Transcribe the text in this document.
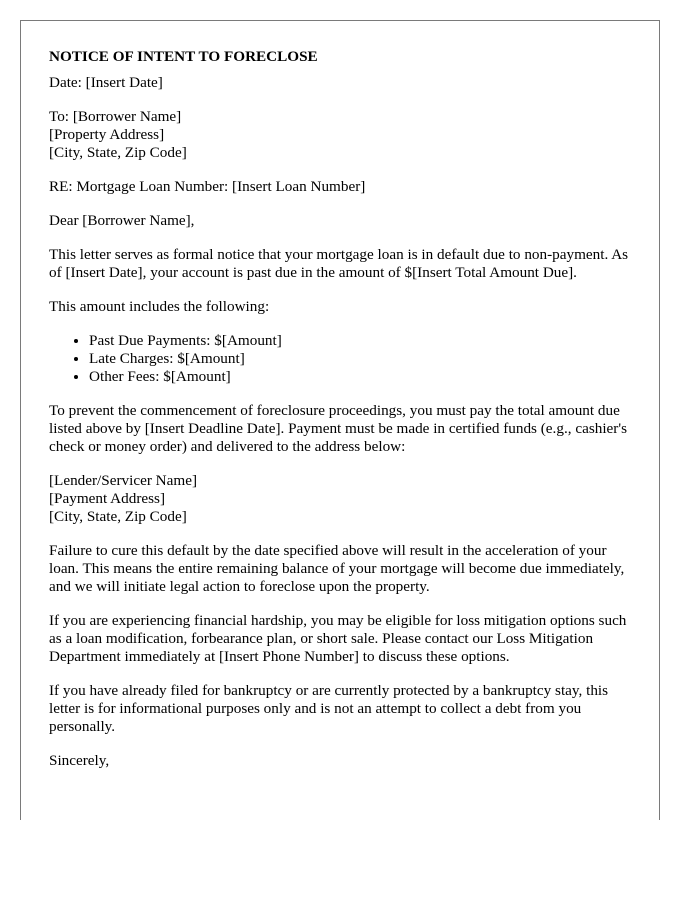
NOTICE OF INTENT TO FORECLOSE

Date: [Insert Date]

To: [Borrower Name]
[Property Address]
[City, State, Zip Code]

RE: Mortgage Loan Number: [Insert Loan Number]

Dear [Borrower Name],

This letter serves as formal notice that your mortgage loan is in default due to non-payment. As of [Insert Date], your account is past due in the amount of $[Insert Total Amount Due].

This amount includes the following:

• Past Due Payments: $[Amount]
• Late Charges: $[Amount]
• Other Fees: $[Amount]

To prevent the commencement of foreclosure proceedings, you must pay the total amount due listed above by [Insert Deadline Date]. Payment must be made in certified funds (e.g., cashier's check or money order) and delivered to the address below:

[Lender/Servicer Name]
[Payment Address]
[City, State, Zip Code]

Failure to cure this default by the date specified above will result in the acceleration of your loan. This means the entire remaining balance of your mortgage will become due immediately, and we will initiate legal action to foreclose upon the property.

If you are experiencing financial hardship, you may be eligible for loss mitigation options such as a loan modification, forbearance plan, or short sale. Please contact our Loss Mitigation Department immediately at [Insert Phone Number] to discuss these options.

If you have already filed for bankruptcy or are currently protected by a bankruptcy stay, this letter is for informational purposes only and is not an attempt to collect a debt from you personally.

Sincerely,
